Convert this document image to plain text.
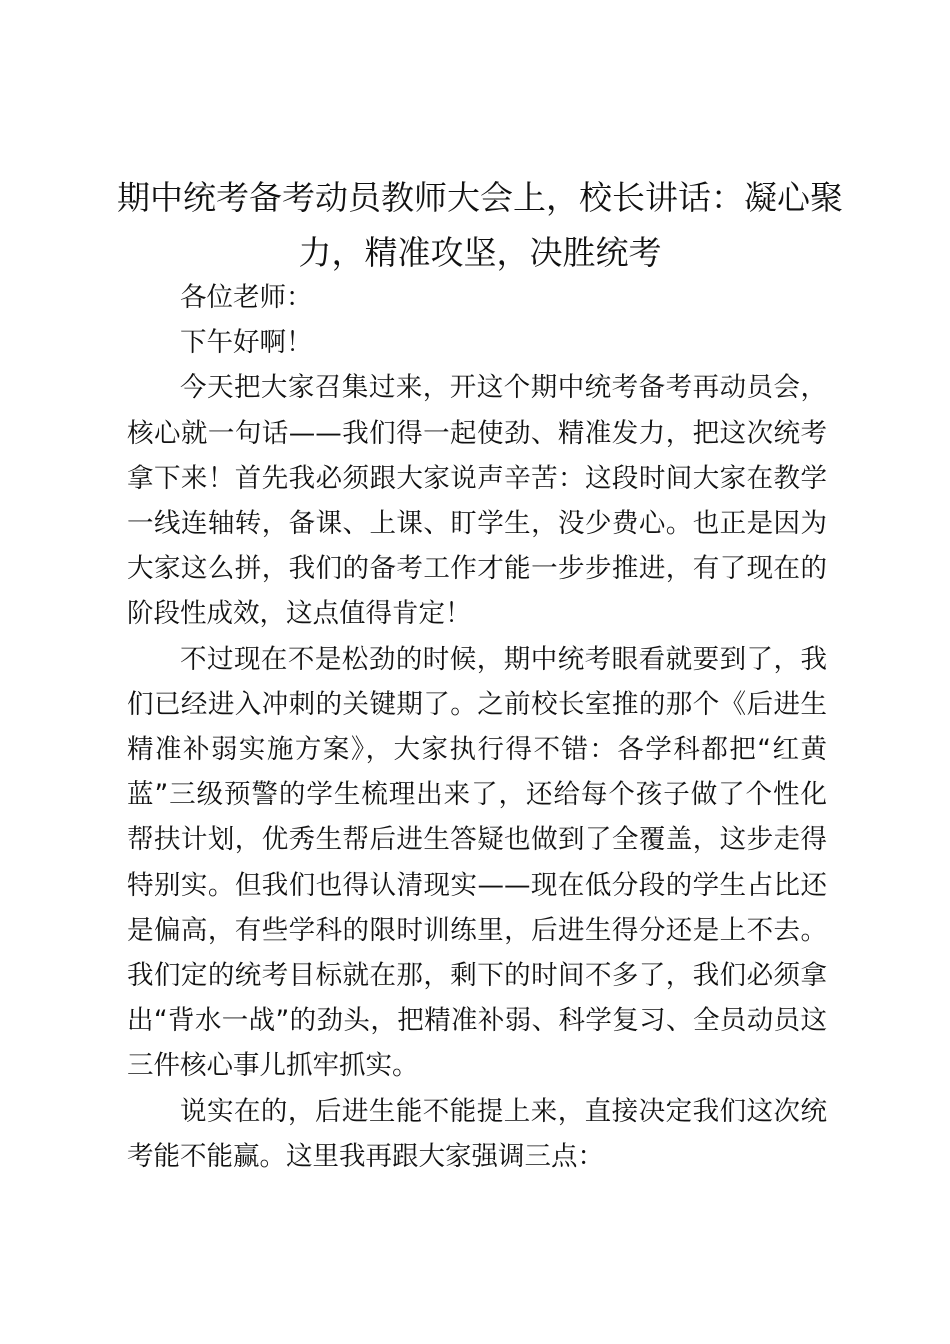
期中统考备考动员教师大会上，校长讲话：凝心聚力，精准攻坚，决胜统考

各位老师：

下午好啊！

今天把大家召集过来，开这个期中统考备考再动员会，核心就一句话——我们得一起使劲、精准发力，把这次统考拿下来！首先我必须跟大家说声辛苦：这段时间大家在教学一线连轴转，备课、上课、盯学生，没少费心。也正是因为大家这么拼，我们的备考工作才能一步步推进，有了现在的阶段性成效，这点值得肯定！

不过现在不是松劲的时候，期中统考眼看就要到了，我们已经进入冲刺的关键期了。之前校长室推的那个《后进生精准补弱实施方案》，大家执行得不错：各学科都把“红黄蓝”三级预警的学生梳理出来了，还给每个孩子做了个性化帮扶计划，优秀生帮后进生答疑也做到了全覆盖，这步走得特别实。但我们也得认清现实——现在低分段的学生占比还是偏高，有些学科的限时训练里，后进生得分还是上不去。我们定的统考目标就在那，剩下的时间不多了，我们必须拿出“背水一战”的劲头，把精准补弱、科学复习、全员动员这三件核心事儿抓牢抓实。

说实在的，后进生能不能提上来，直接决定我们这次统考能不能赢。这里我再跟大家强调三点：
